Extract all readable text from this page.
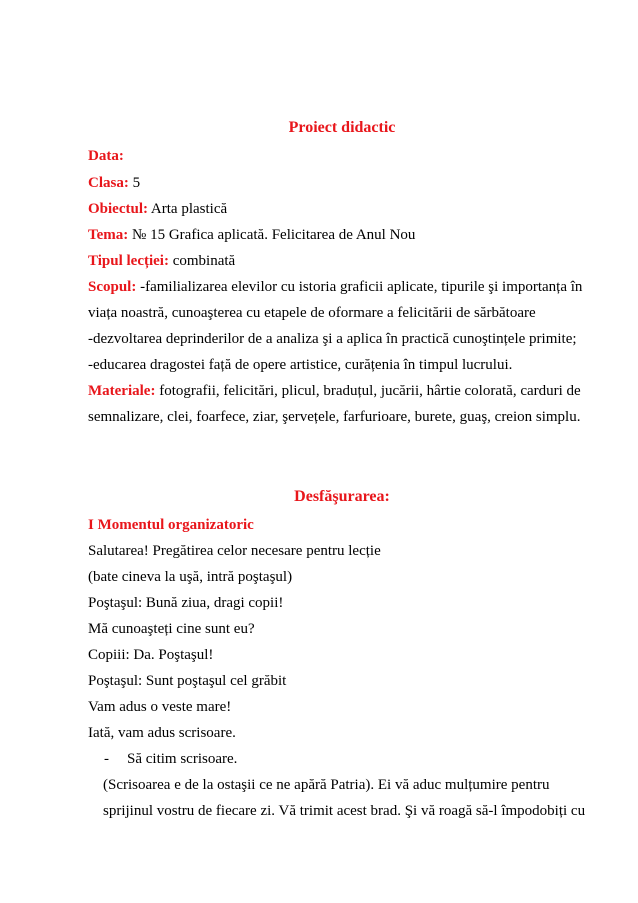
Proiect didactic
Data:
Clasa: 5
Obiectul: Arta plastică
Tema: № 15 Grafica aplicată. Felicitarea de Anul Nou
Tipul lecției: combinată
Scopul: -familializarea elevilor cu istoria graficii aplicate, tipurile şi importanța în
viața noastră, cunoaşterea cu etapele de oformare a felicitării de sărbătoare
-dezvoltarea deprinderilor de a analiza şi a aplica în practică cunoştințele primite;
-educarea dragostei față de opere artistice, curățenia în timpul lucrului.
Materiale: fotografii, felicitări, plicul, braduțul, jucării, hârtie colorată, carduri de
semnalizare, clei, foarfece, ziar, şervețele, farfurioare, burete, guaş, creion simplu.
Desfăşurarea:
I Momentul organizatoric
Salutarea! Pregătirea celor necesare pentru lecție
(bate cineva la uşă, intră poştaşul)
Poştaşul: Bună ziua, dragi copii!
Mă cunoaşteți cine sunt eu?
Copiii: Da. Poştaşul!
Poştaşul: Sunt poştaşul cel grăbit
Vam adus o veste mare!
Iată, vam adus scrisoare.
- Să citim scrisoare.
(Scrisoarea e de la ostaşii ce ne apără Patria). Ei vă aduc mulțumire pentru
sprijinul vostru de fiecare zi. Vă trimit acest brad. Şi vă roagă să-l împodobiți cu
